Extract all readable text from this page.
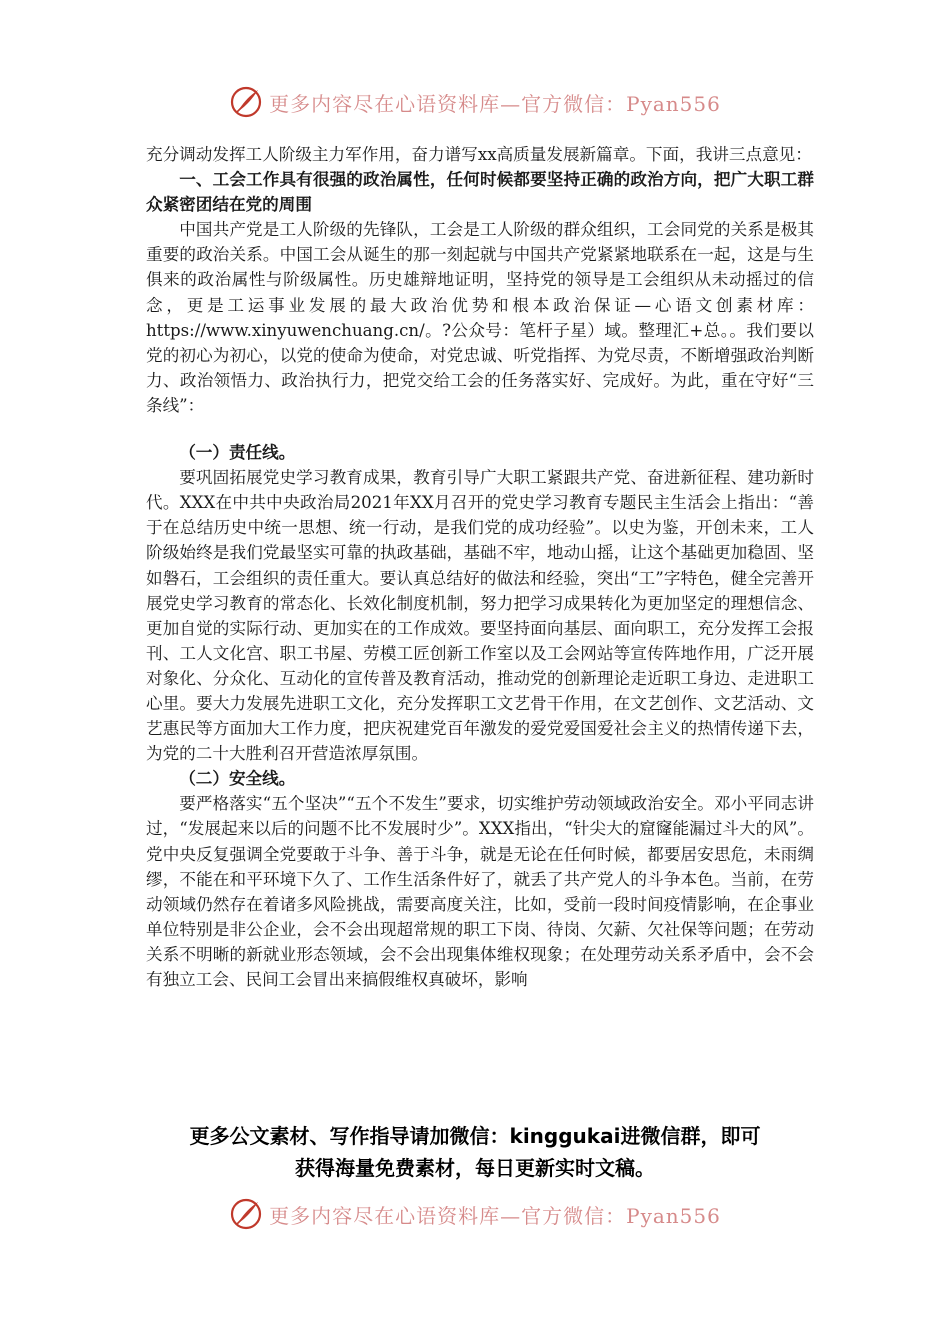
更多内容尽在心语资料库—官方微信：Pyan556

充分调动发挥工人阶级主力军作用，奋力谱写xx高质量发展新篇章。下面，我讲三点意见：

一、工会工作具有很强的政治属性，任何时候都要坚持正确的政治方向，把广大职工群众紧密团结在党的周围

中国共产党是工人阶级的先锋队，工会是工人阶级的群众组织，工会同党的关系是极其重要的政治关系。中国工会从诞生的那一刻起就与中国共产党紧紧地联系在一起，这是与生俱来的政治属性与阶级属性。历史雄辩地证明，坚持党的领导是工会组织从未动摇过的信念，更是工运事业发展的最大政治优势和根本政治保证—心语文创素材库：https://www.xinyuwenchuang.cn/。?公众号：笔杆子星）域。整理汇+总。。我们要以党的初心为初心，以党的使命为使命，对党忠诚、听党指挥、为党尽责，不断增强政治判断力、政治领悟力、政治执行力，把党交给工会的任务落实好、完成好。为此，重在守好“三条线”：

（一）责任线。

要巩固拓展党史学习教育成果，教育引导广大职工紧跟共产党、奋进新征程、建功新时代。XXX在中共中央政治局2021年XX月召开的党史学习教育专题民主生活会上指出：“善于在总结历史中统一思想、统一行动，是我们党的成功经验”。以史为鉴，开创未来，工人阶级始终是我们党最坚实可靠的执政基础，基础不牢，地动山摇，让这个基础更加稳固、坚如磐石，工会组织的责任重大。要认真总结好的做法和经验，突出“工”字特色，健全完善开展党史学习教育的常态化、长效化制度机制，努力把学习成果转化为更加坚定的理想信念、更加自觉的实际行动、更加实在的工作成效。要坚持面向基层、面向职工，充分发挥工会报刊、工人文化宫、职工书屋、劳模工匠创新工作室以及工会网站等宣传阵地作用，广泛开展对象化、分众化、互动化的宣传普及教育活动，推动党的创新理论走近职工身边、走进职工心里。要大力发展先进职工文化，充分发挥职工文艺骨干作用，在文艺创作、文艺活动、文艺惠民等方面加大工作力度，把庆祝建党百年激发的爱党爱国爱社会主义的热情传递下去，为党的二十大胜利召开营造浓厚氛围。

（二）安全线。

要严格落实“五个坚决”“五个不发生”要求，切实维护劳动领域政治安全。邓小平同志讲过，“发展起来以后的问题不比不发展时少”。XXX指出，“针尖大的窟窿能漏过斗大的风”。党中央反复强调全党要敢于斗争、善于斗争，就是无论在任何时候，都要居安思危，未雨绸缪，不能在和平环境下久了、工作生活条件好了，就丢了共产党人的斗争本色。当前，在劳动领域仍然存在着诸多风险挑战，需要高度关注，比如，受前一段时间疫情影响，在企事业单位特别是非公企业，会不会出现超常规的职工下岗、待岗、欠薪、欠社保等问题；在劳动关系不明晰的新就业形态领域，会不会出现集体维权现象；在处理劳动关系矛盾中，会不会有独立工会、民间工会冒出来搞假维权真破坏，影响

更多公文素材、写作指导请加微信：kinggukai进微信群，即可
获得海量免费素材，每日更新实时文稿。
更多内容尽在心语资料库—官方微信：Pyan556
